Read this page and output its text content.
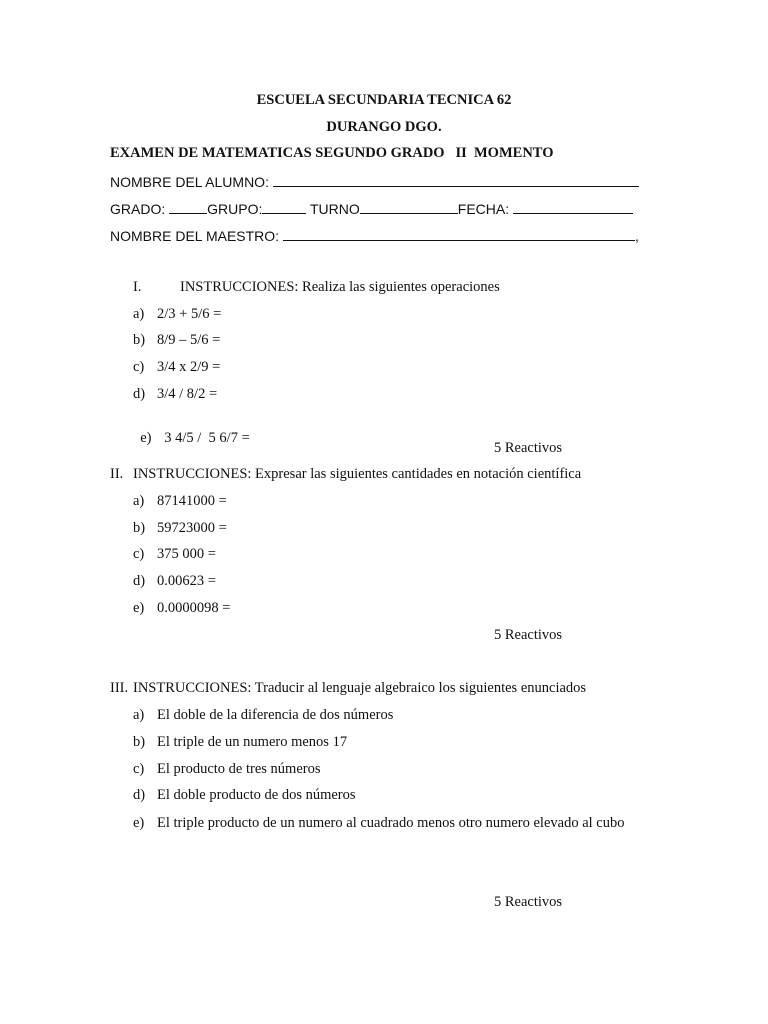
ESCUELA SECUNDARIA TECNICA 62
DURANGO DGO.
EXAMEN DE MATEMATICAS SEGUNDO GRADO   II  MOMENTO
NOMBRE DEL ALUMNO:
GRADO:	GRUPO:	TURNO	FECHA:
NOMBRE DEL MAESTRO:	,
I.	INSTRUCCIONES: Realiza las siguientes operaciones
a) 2/3 + 5/6 =
b) 8/9 – 5/6 =
c) 3/4 x 2/9 =
d) 3/4 / 8/2 =

e) 3 4/5 /  5 6/7 =

5 Reactivos
II. INSTRUCCIONES: Expresar las siguientes cantidades en notación científica
a) 87141000 =
b) 59723000 =
c) 375 000 =
d) 0.00623 =
e) 0.0000098 =
5 Reactivos
III. INSTRUCCIONES: Traducir al lenguaje algebraico los siguientes enunciados
a) El doble de la diferencia de dos números
b) El triple de un numero menos 17
c) El producto de tres números
d) El doble producto de dos números
e) El triple producto de un numero al cuadrado menos otro numero elevado al cubo
5 Reactivos
